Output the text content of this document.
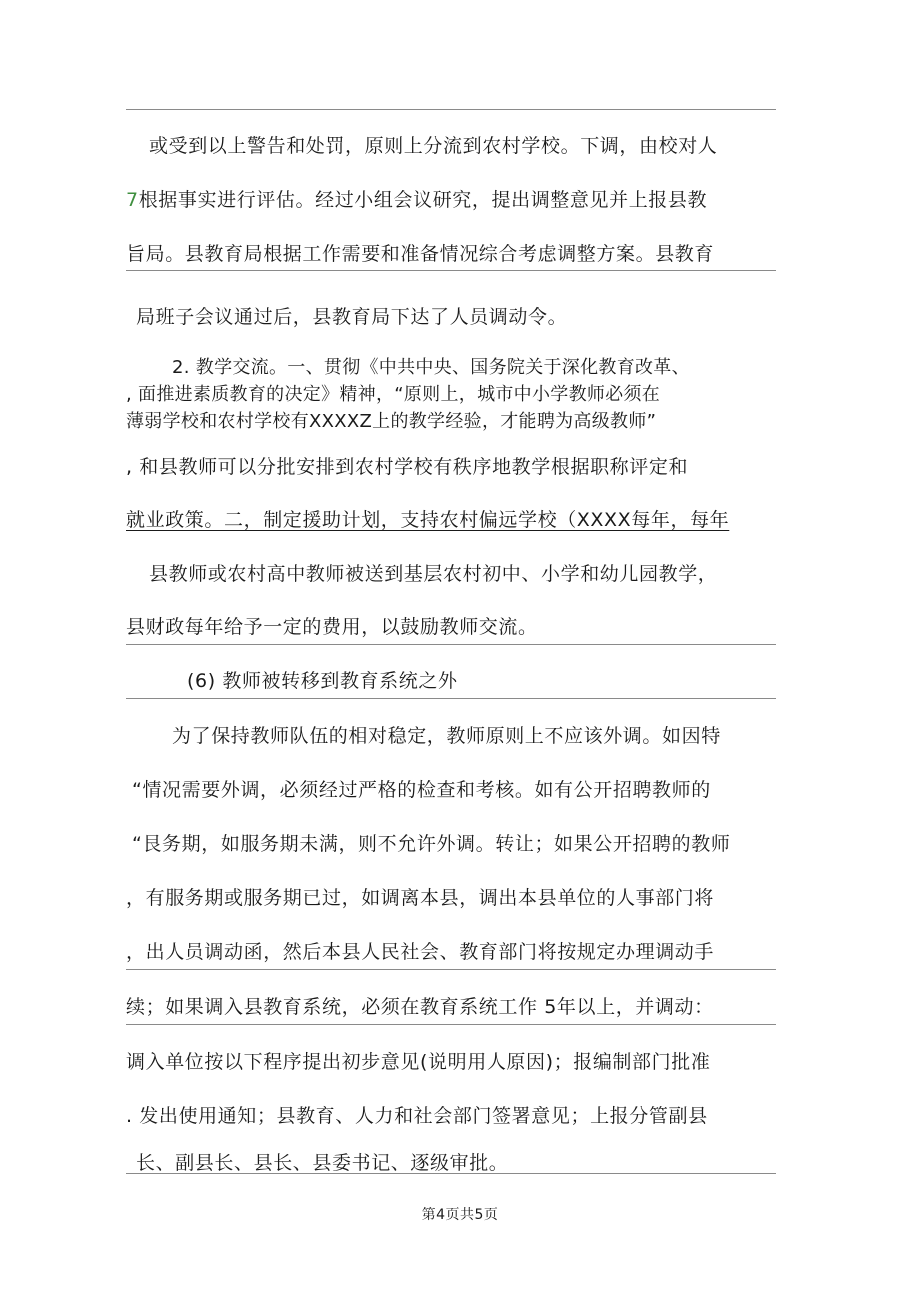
或受到以上警告和处罚，原则上分流到农村学校。下调，由校对人
7根据事实进行评估。经过小组会议研究，提出调整意见并上报县教
旨局。县教育局根据工作需要和准备情况综合考虑调整方案。县教育
局班子会议通过后，县教育局下达了人员调动令。
2. 教学交流。一、贯彻《中共中央、国务院关于深化教育改革、
, 面推进素质教育的决定》精神，“原则上，城市中小学教师必须在
薄弱学校和农村学校有XXXXZ上的教学经验，才能聘为高级教师”
, 和县教师可以分批安排到农村学校有秩序地教学根据职称评定和
就业政策。二，制定援助计划，支持农村偏远学校（XXXX每年，每年
县教师或农村高中教师被送到基层农村初中、小学和幼儿园教学，
县财政每年给予一定的费用，以鼓励教师交流。
(6) 教师被转移到教育系统之外
为了保持教师队伍的相对稳定，教师原则上不应该外调。如因特
“情况需要外调，必须经过严格的检查和考核。如有公开招聘教师的
“艮务期，如服务期未满，则不允许外调。转让；如果公开招聘的教师
，有服务期或服务期已过，如调离本县，调出本县单位的人事部门将
，出人员调动函，然后本县人民社会、教育部门将按规定办理调动手
续；如果调入县教育系统，必须在教育系统工作 5年以上，并调动：
调入单位按以下程序提出初步意见(说明用人原因)；报编制部门批准
. 发出使用通知；县教育、人力和社会部门签署意见；上报分管副县
长、副县长、县长、县委书记、逐级审批。
第4页共5页
